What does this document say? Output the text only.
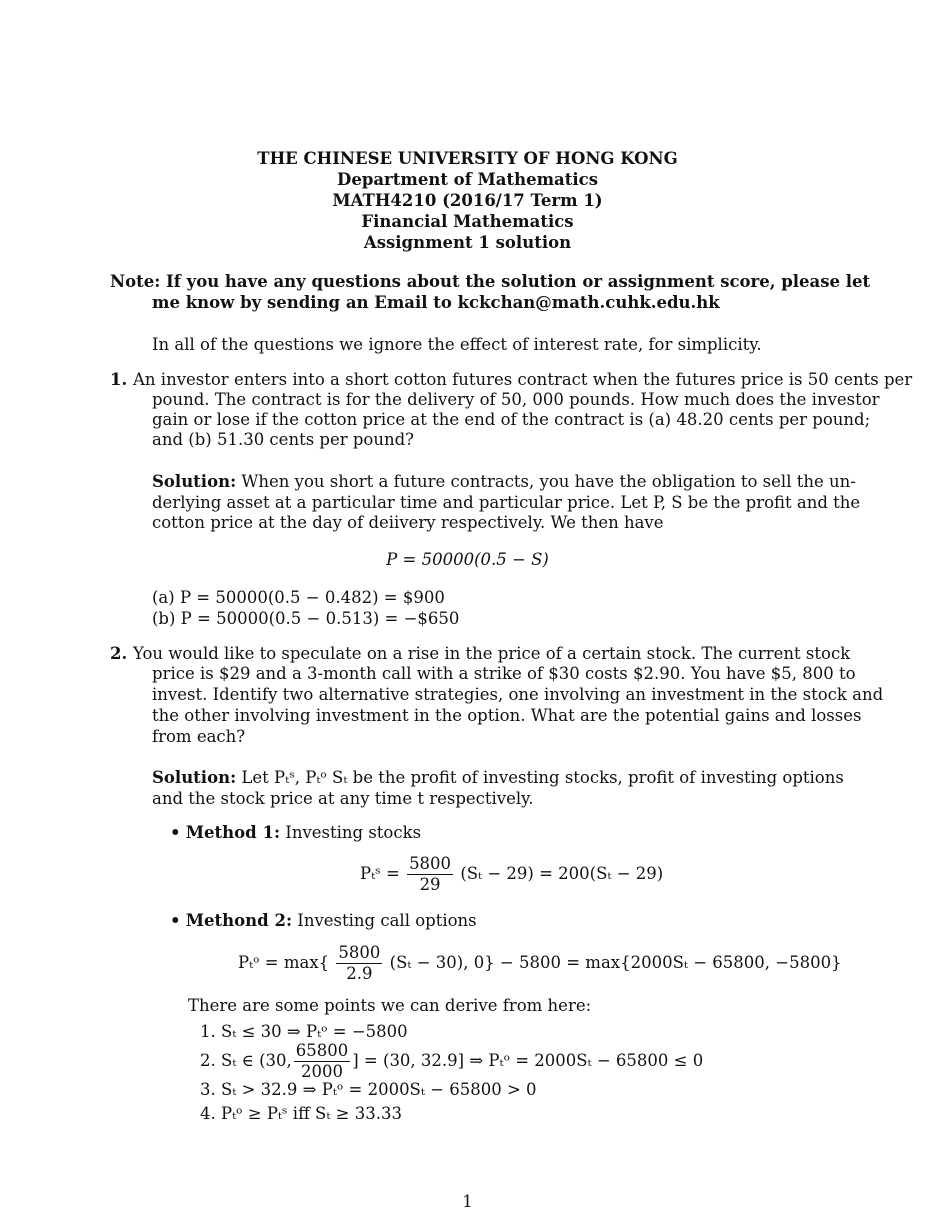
THE CHINESE UNIVERSITY OF HONG KONG
Department of Mathematics
MATH4210 (2016/17 Term 1)
Financial Mathematics
Assignment 1 solution
Note: If you have any questions about the solution or assignment score, please let
me know by sending an Email to kckchan@math.cuhk.edu.hk
In all of the questions we ignore the effect of interest rate, for simplicity.
1. An investor enters into a short cotton futures contract when the futures price is 50 cents per
pound. The contract is for the delivery of 50, 000 pounds. How much does the investor
gain or lose if the cotton price at the end of the contract is (a) 48.20 cents per pound;
and (b) 51.30 cents per pound?
Solution: When you short a future contracts, you have the obligation to sell the un-
derlying asset at a particular time and particular price. Let P, S be the profit and the
cotton price at the day of deiivery respectively. We then have
P = 50000(0.5 − S)
(a) P = 50000(0.5 − 0.482) = $900
(b) P = 50000(0.5 − 0.513) = −$650
2. You would like to speculate on a rise in the price of a certain stock. The current stock
price is $29 and a 3-month call with a strike of $30 costs $2.90. You have $5, 800 to
invest. Identify two alternative strategies, one involving an investment in the stock and
the other involving investment in the option. What are the potential gains and losses
from each?
Solution: Let Pₜˢ, Pₜᵒ Sₜ be the profit of investing stocks, profit of investing options
and the stock price at any time t respectively.
• Method 1: Investing stocks
Pₜˢ = $\frac{5800}{29} (S_t - 29) = 200(S_t - 29)$
• Methond 2: Investing call options
Pₜᵒ = $\max\{ \frac{5800}{2.9} (S_t - 30)$, 0} − 5800 = max{2000Sₜ − 65800, −5800}
There are some points we can derive from here:
1. Sₜ ≤ 30 ⇒ Pₜᵒ = −5800
2. Sₜ ∈ (30, $\frac{65800}{2000}$ ] = (30, 32.9] ⇒ Pₜᵒ = 2000Sₜ − 65800 ≤ 0
3. Sₜ > 32.9 ⇒ Pₜᵒ = 2000Sₜ − 65800 > 0
4. Pₜᵒ ≥ Pₜˢ iff Sₜ ≥ 33.33
1
